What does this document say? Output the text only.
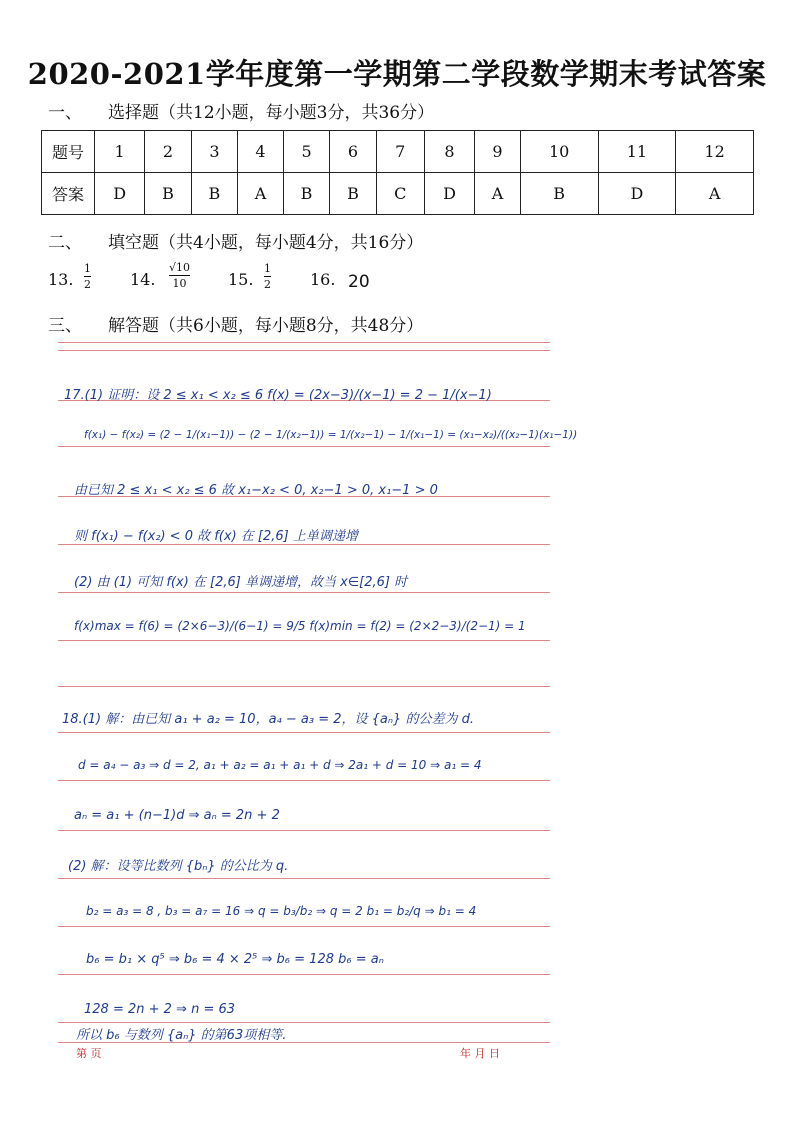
2020-2021学年度第一学期第二学段数学期末考试答案
一、 选择题（共12小题，每小题3分，共36分）
题号	1	2	3	4	5	6	7	8	9	10	11	12
答案	D	B	B	A	B	B	C	D	A	B	D	A
二、 填空题（共4小题，每小题4分，共16分）
13.
1
2 14.
√10
10	15.
1
2 16. 20
三、 解答题（共6小题，每小题8分，共48分）
17.(1) 证明：设 2 ≤ x₁ < x₂ ≤ 6 f(x) = (2x−3)/(x−1) = 2 − 1/(x−1)
f(x₁) − f(x₂) = (2 − 1/(x₁−1)) − (2 − 1/(x₂−1)) = 1/(x₂−1) − 1/(x₁−1) = (x₁−x₂)/((x₂−1)(x₁−1))
由已知 2 ≤ x₁ < x₂ ≤ 6 故 x₁−x₂ < 0, x₂−1 > 0, x₁−1 > 0
则 f(x₁) − f(x₂) < 0 故 f(x) 在 [2,6] 上单调递增
(2) 由 (1) 可知 f(x) 在 [2,6] 单调递增，故当 x∈[2,6] 时
f(x)max = f(6) = (2×6−3)/(6−1) = 9/5 f(x)min = f(2) = (2×2−3)/(2−1) = 1
18.(1) 解：由已知 a₁ + a₂ = 10，a₄ − a₃ = 2，设 {aₙ} 的公差为 d.
d = a₄ − a₃ ⇒ d = 2, a₁ + a₂ = a₁ + a₁ + d ⇒ 2a₁ + d = 10 ⇒ a₁ = 4
aₙ = a₁ + (n−1)d ⇒ aₙ = 2n + 2
(2) 解：设等比数列 {bₙ} 的公比为 q.
b₂ = a₃ = 8 , b₃ = a₇ = 16 ⇒ q = b₃/b₂ ⇒ q = 2 b₁ = b₂/q ⇒ b₁ = 4
b₆ = b₁ × q⁵ ⇒ b₆ = 4 × 2⁵ ⇒ b₆ = 128 b₆ = aₙ
128 = 2n + 2 ⇒ n = 63
所以 b₆ 与数列 {aₙ} 的第63项相等.
第 页	年 月 日
